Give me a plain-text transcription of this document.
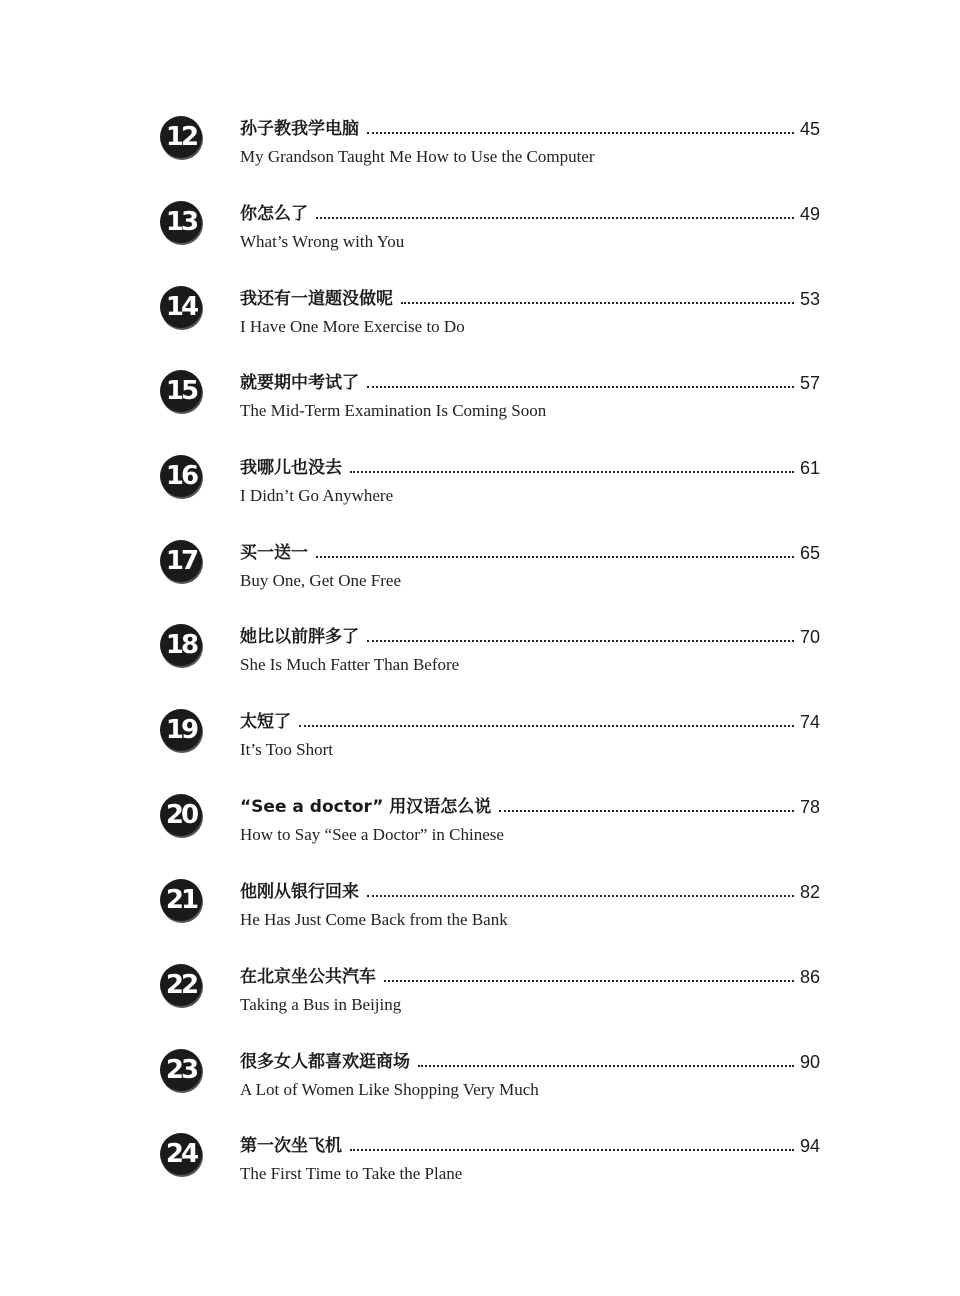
12	孙子教我学电脑	45
My Grandson Taught Me How to Use the Computer
13	你怎么了	49
What’s Wrong with You
14	我还有一道题没做呢	53
I Have One More Exercise to Do
15	就要期中考试了	57
The Mid-Term Examination Is Coming Soon
16	我哪儿也没去	61
I Didn’t Go Anywhere
17	买一送一	65
Buy One, Get One Free
18	她比以前胖多了	70
She Is Much Fatter Than Before
19	太短了	74
It’s Too Short
20	“See a doctor” 用汉语怎么说	78
How to Say “See a Doctor” in Chinese
21	他刚从银行回来	82
He Has Just Come Back from the Bank
22	在北京坐公共汽车	86
Taking a Bus in Beijing
23	很多女人都喜欢逛商场	90
A Lot of Women Like Shopping Very Much
24	第一次坐飞机	94
The First Time to Take the Plane
